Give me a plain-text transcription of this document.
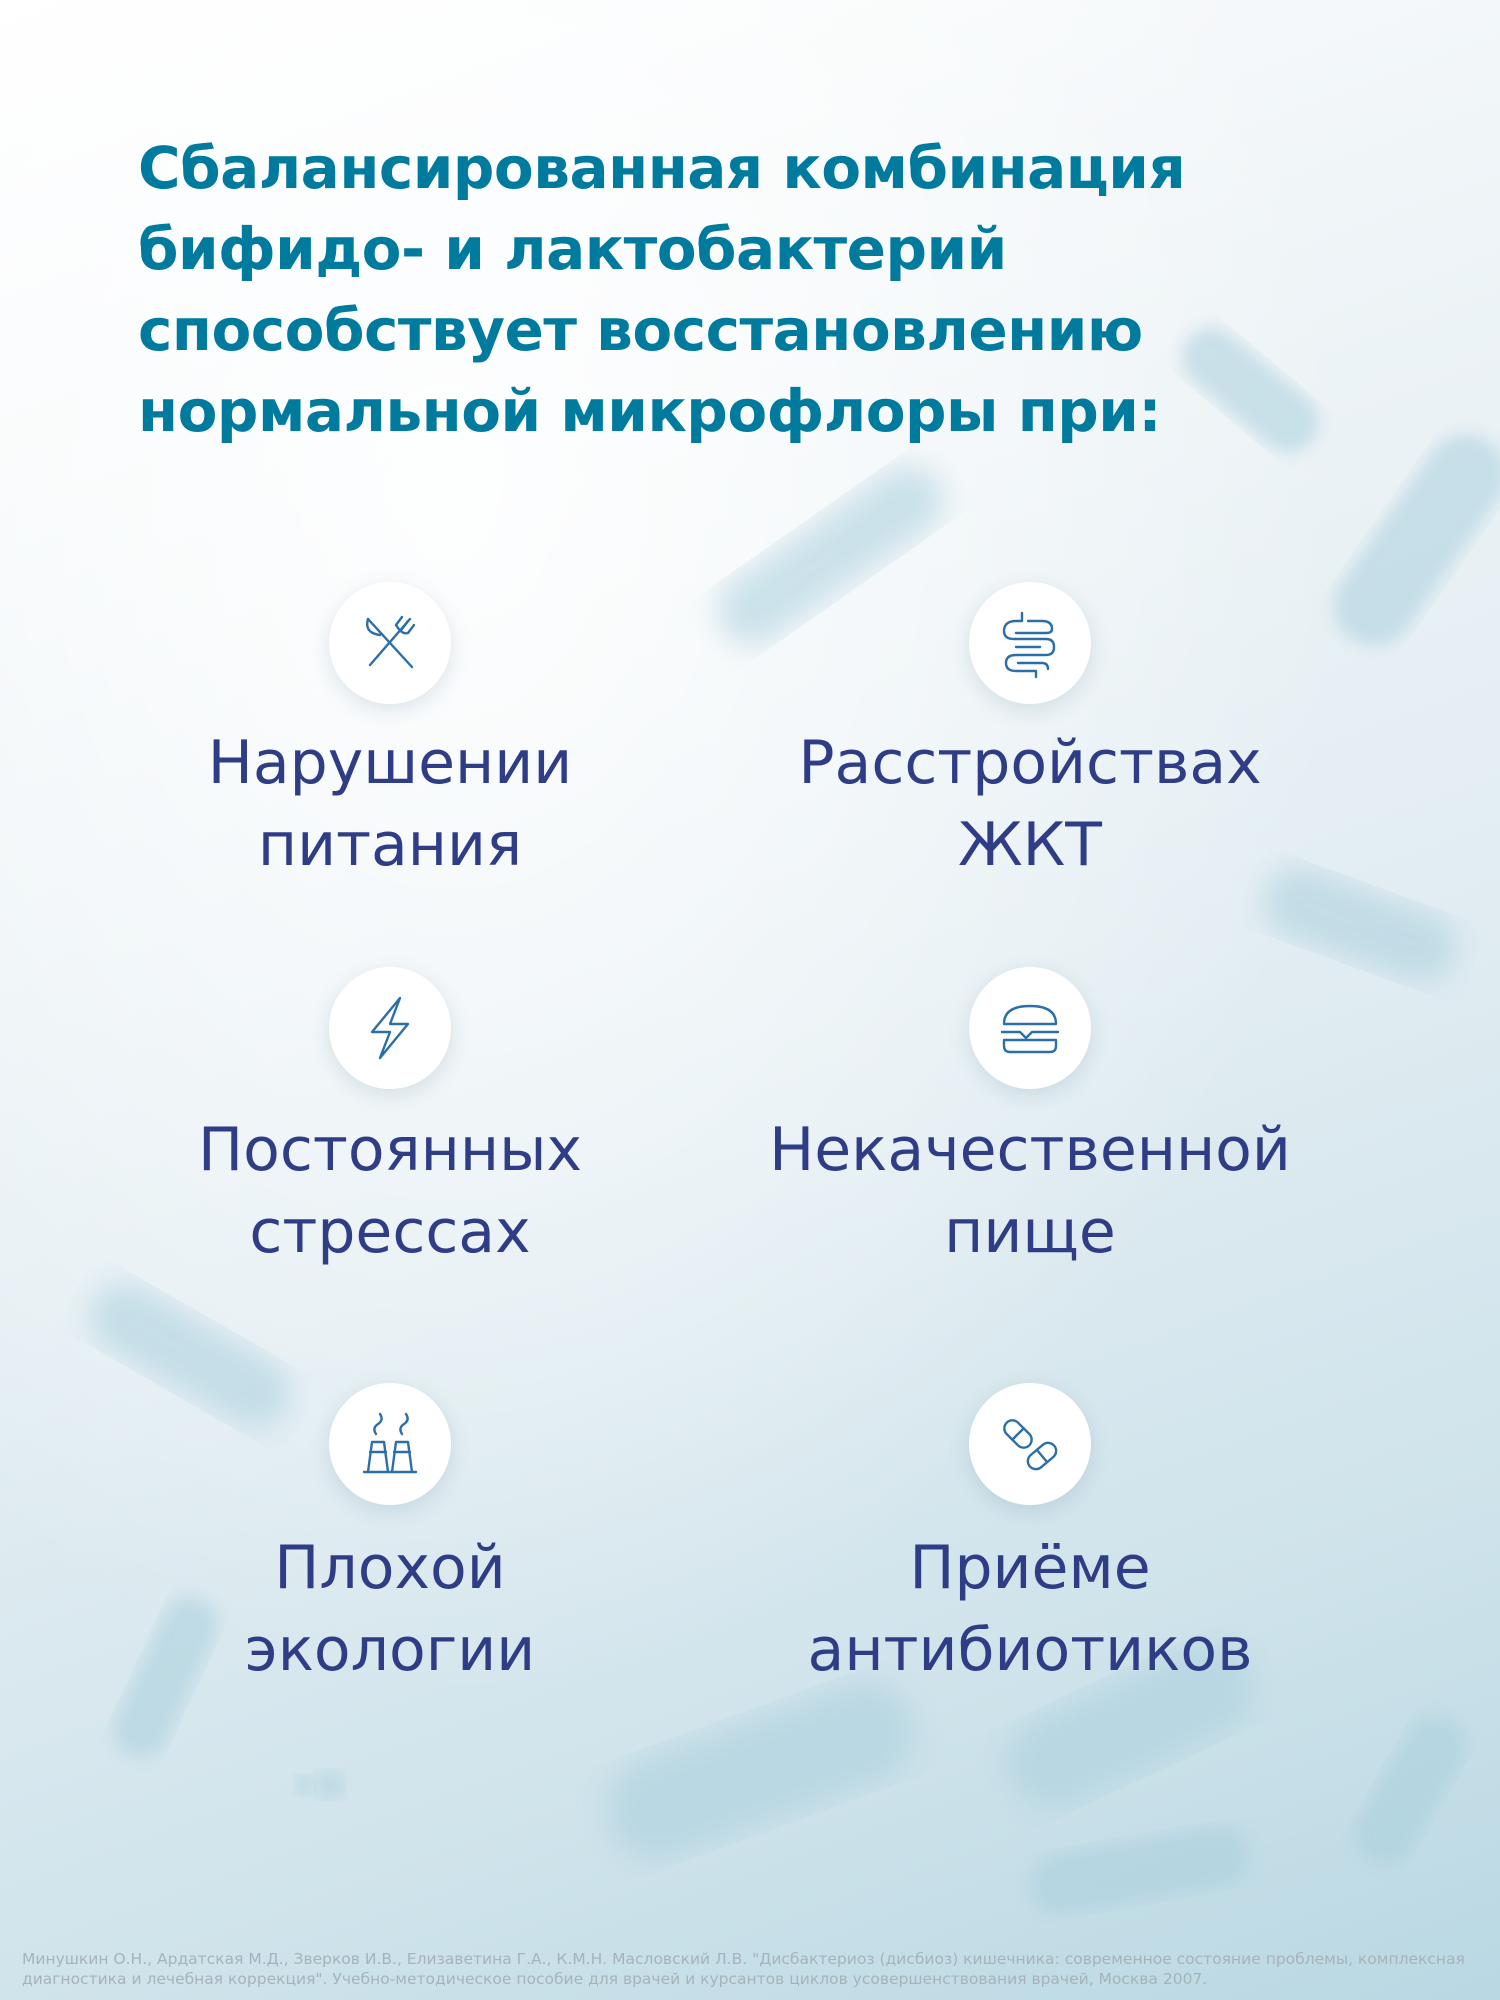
Сбалансированная комбинация
бифидо- и лактобактерий
способствует восстановлению
нормальной микрофлоры при:

Нарушении
питания

Расстройствах
ЖКТ

Постоянных
стрессах

Некачественной
пище

Плохой
экологии

Приёме
антибиотиков

Минушкин О.Н., Ардатская М.Д., Зверков И.В., Елизаветина Г.А., К.М.Н. Масловский Л.В. "Дисбактериоз (дисбиоз) кишечника: современное состояние проблемы, комплексная
диагностика и лечебная коррекция". Учебно-методическое пособие для врачей и курсантов циклов усовершенствования врачей, Москва 2007.
